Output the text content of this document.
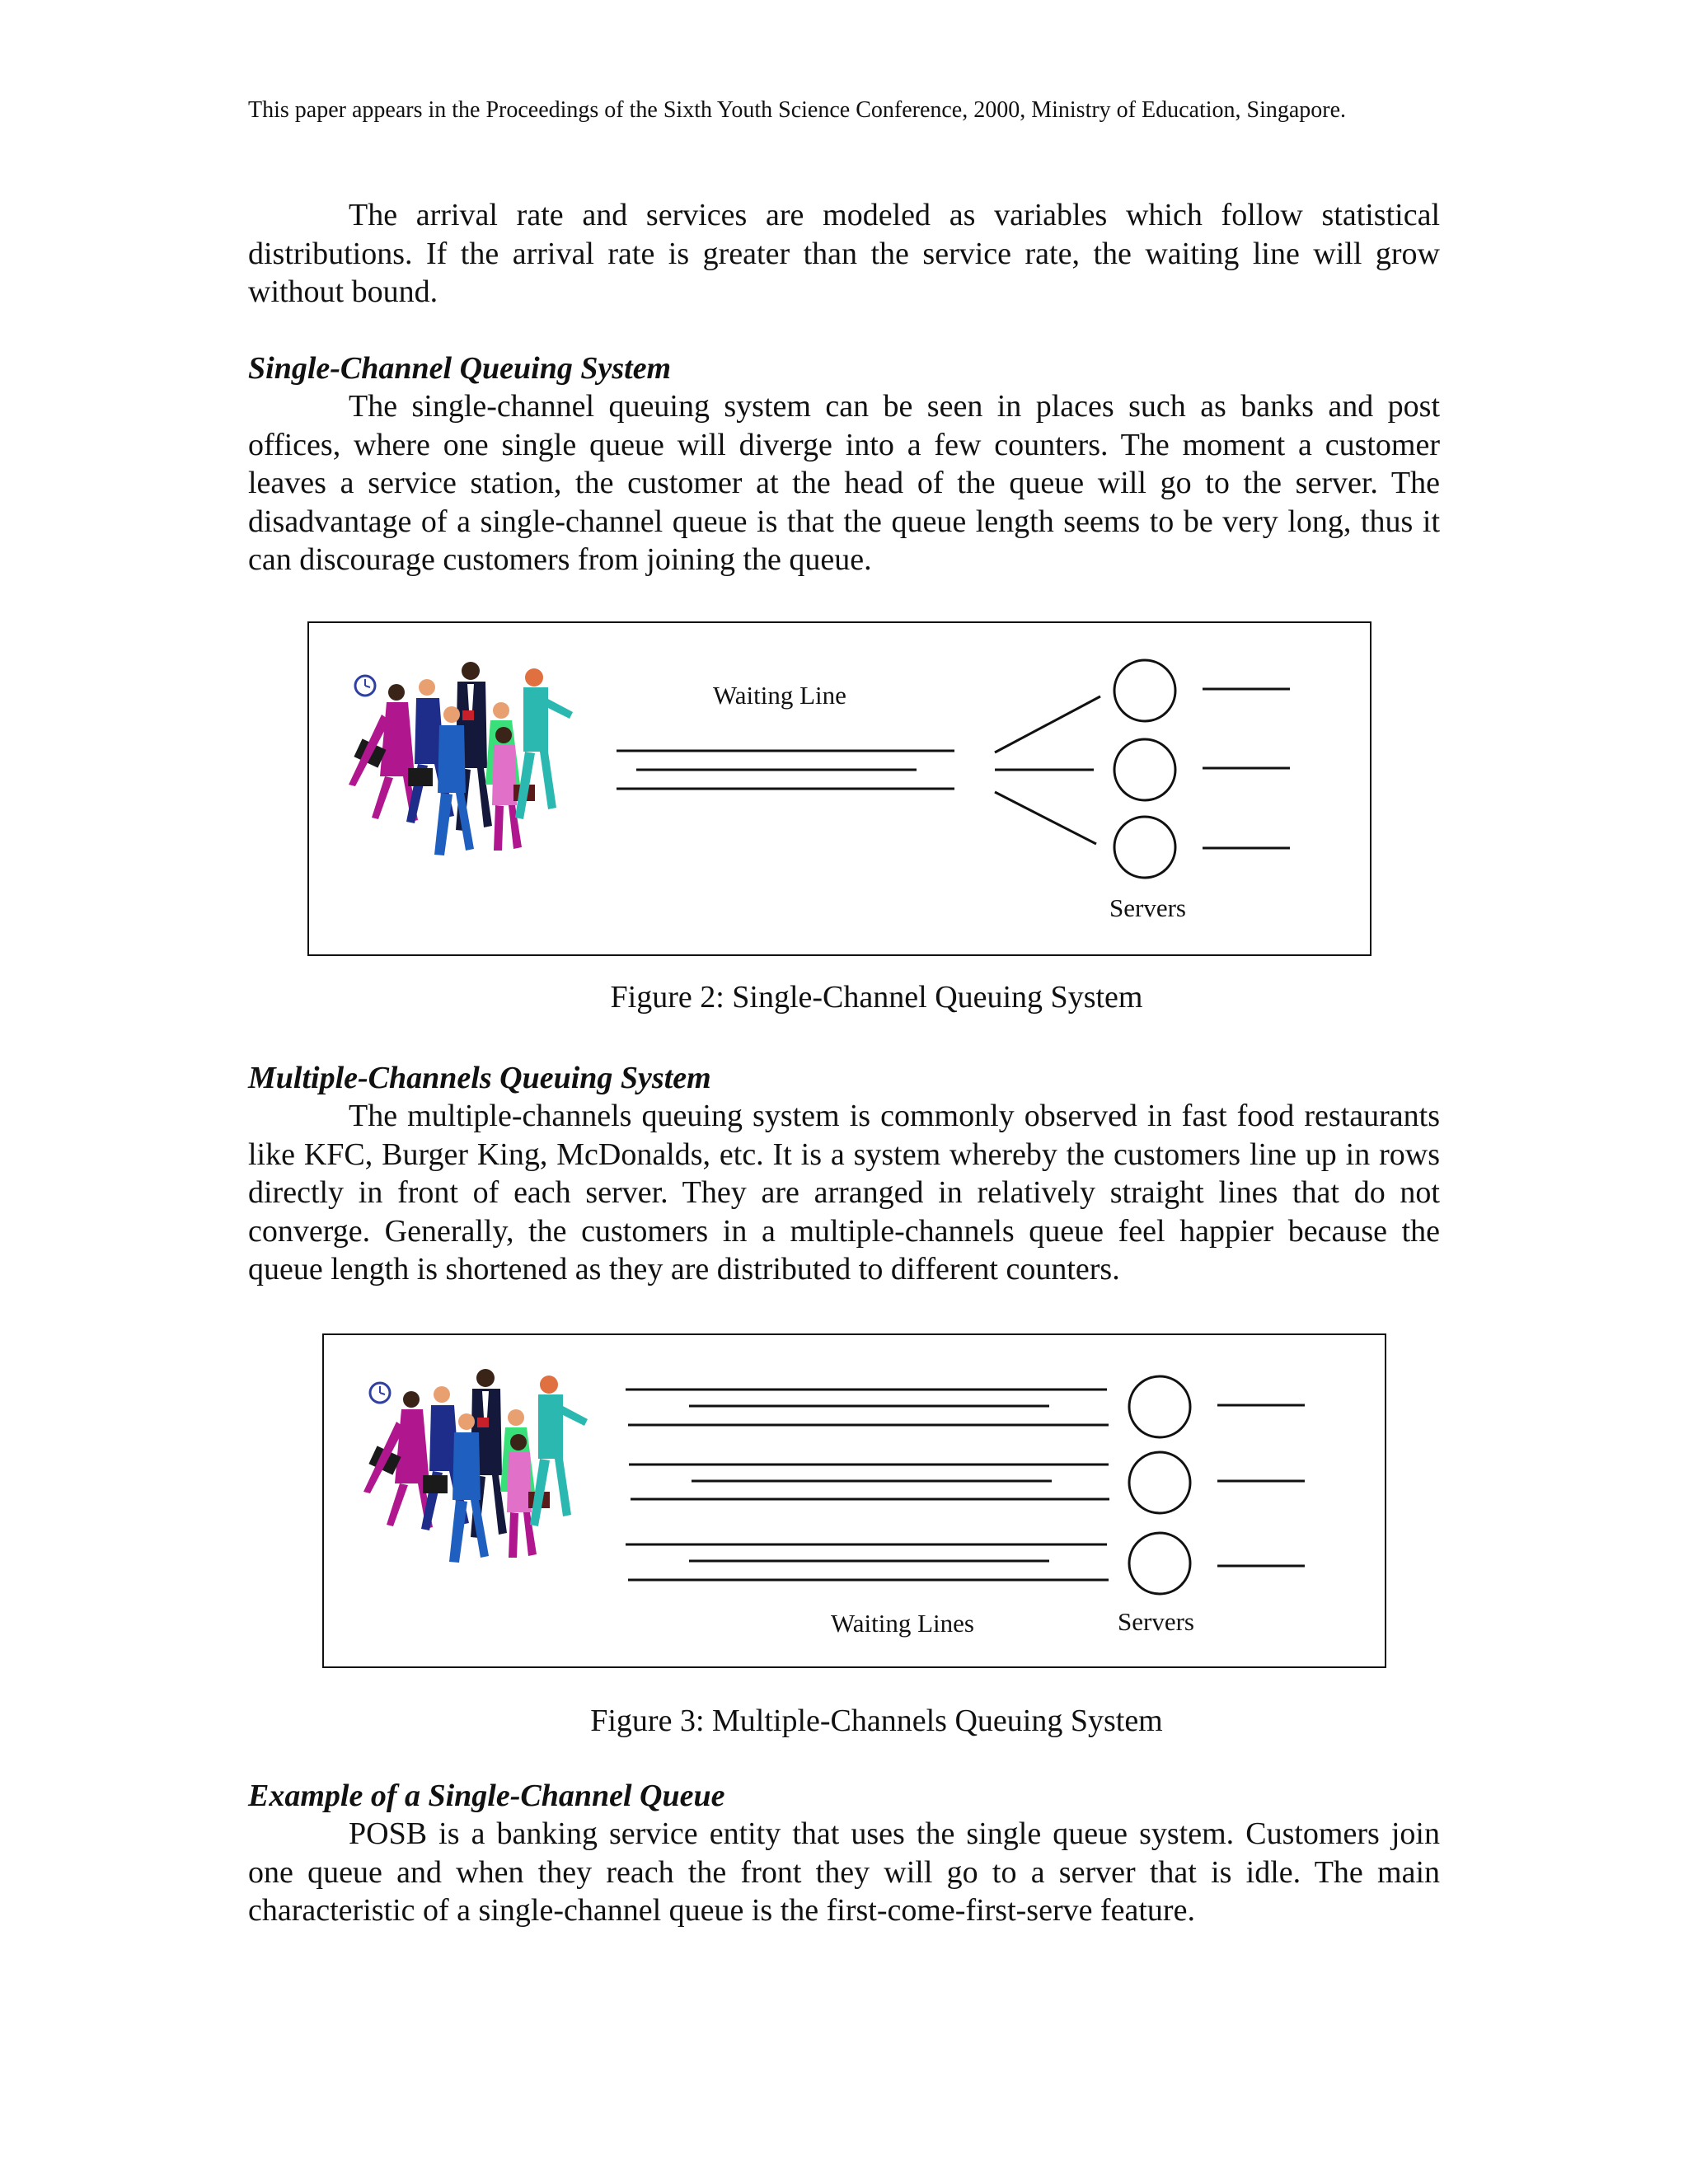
This paper appears in the Proceedings of the Sixth Youth Science Conference, 2000, Ministry of Education, Singapore.

The arrival rate and services are modeled as variables which follow statistical distributions. If the arrival rate is greater than the service rate, the waiting line will grow without bound.

Single-Channel Queuing System

The single-channel queuing system can be seen in places such as banks and post offices, where one single queue will diverge into a few counters. The moment a customer leaves a service station, the customer at the head of the queue will go to the server. The disadvantage of a single-channel queue is that the queue length seems to be very long, thus it can discourage customers from joining the queue.

Waiting Line
Servers
Figure 2: Single-Channel Queuing System
Multiple-Channels Queuing System

The multiple-channels queuing system is commonly observed in fast food restaurants like KFC, Burger King, McDonalds, etc. It is a system whereby the customers line up in rows directly in front of each server. They are arranged in relatively straight lines that do not converge. Generally, the customers in a multiple-channels queue feel happier because the queue length is shortened as they are distributed to different counters.

Waiting Lines	Servers
Figure 3: Multiple-Channels Queuing System
Example of a Single-Channel Queue

POSB is a banking service entity that uses the single queue system. Customers join one queue and when they reach the front they will go to a server that is idle. The main characteristic of a single-channel queue is the first-come-first-serve feature.
